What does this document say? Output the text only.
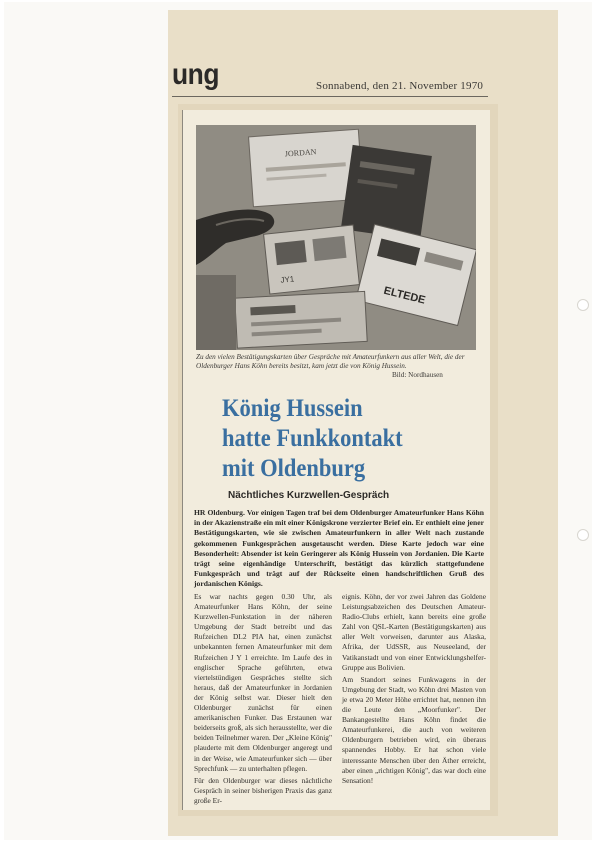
ung	Sonnabend, den 21. November 1970
JORDAN
JY1
ELTEDE
Zu den vielen Bestätigungskarten über Gespräche mit Amateurfunkern aus aller Welt, die der Oldenburger Hans Köhn bereits besitzt, kam jetzt die von König Hussein.
Bild: Nordhausen
König Hussein
hatte Funkkontakt
mit Oldenburg
Nächtliches Kurzwellen-Gespräch
HR Oldenburg. Vor einigen Tagen traf bei dem Oldenburger Amateurfunker Hans Köhn in der Akazienstraße ein mit einer Königskrone verzierter Brief ein. Er enthielt eine jener Bestätigungskarten, wie sie zwischen Amateurfunkern in aller Welt nach zustande gekommenen Funkgesprächen ausgetauscht werden. Diese Karte jedoch war eine Besonderheit: Absender ist kein Geringerer als König Hussein von Jordanien. Die Karte trägt seine eigenhändige Unterschrift, bestätigt das kürzlich stattgefundene Funkgespräch und trägt auf der Rückseite einen handschriftlichen Gruß des jordanischen Königs.

Es war nachts gegen 0.30 Uhr, als Amateurfunker Hans Köhn, der seine Kurzwellen-Funkstation in der näheren Umgebung der Stadt betreibt und das Rufzeichen DL2 PIA hat, einen zunächst unbekannten fernen Amateurfunker mit dem Rufzeichen J Y 1 erreichte. Im Laufe des in englischer Sprache geführten, etwa viertelstündigen Gespräches stellte sich heraus, daß der Amateurfunker in Jordanien der König selbst war. Dieser hielt den Oldenburger zunächst für einen amerikanischen Funker. Das Erstaunen war beiderseits groß, als sich herausstellte, wer die beiden Teilnehmer waren. Der „Kleine König" plauderte mit dem Oldenburger angeregt und in der Weise, wie Amateurfunker sich — über Sprechfunk — zu unterhalten pflegen.

Für den Oldenburger war dieses nächtliche Gespräch in seiner bisherigen Praxis das ganz große Er-

eignis. Köhn, der vor zwei Jahren das Goldene Leistungsabzeichen des Deutschen Amateur-Radio-Clubs erhielt, kann bereits eine große Zahl von QSL-Karten (Bestätigungskarten) aus aller Welt vorweisen, darunter aus Alaska, Afrika, der UdSSR, aus Neuseeland, der Vatikanstadt und von einer Entwicklungshelfer-Gruppe aus Bolivien.

Am Standort seines Funkwagens in der Umgebung der Stadt, wo Köhn drei Masten von je etwa 20 Meter Höhe errichtet hat, nennen ihn die Leute den „Moorfunker". Der Bankangestellte Hans Köhn findet die Amateurfunkerei, die auch von weiteren Oldenburgern betrieben wird, ein überaus spannendes Hobby. Er hat schon viele interessante Menschen über den Äther erreicht, aber einen „richtigen König", das war doch eine Sensation!
